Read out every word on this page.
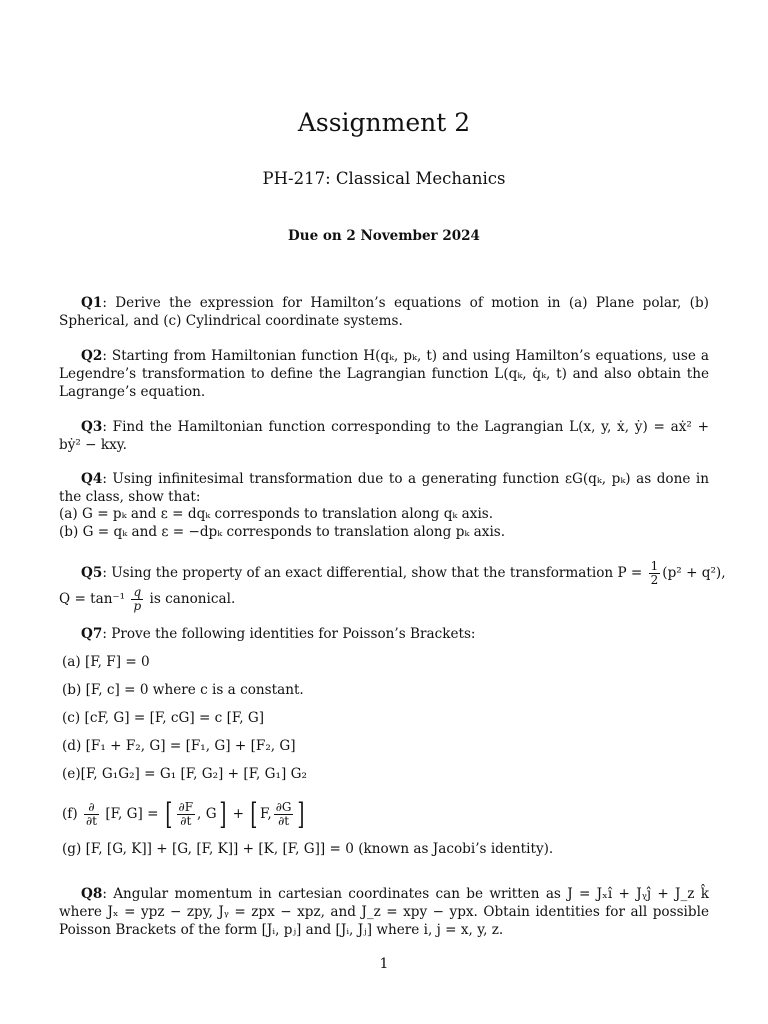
Assignment 2
PH-217: Classical Mechanics
Due on 2 November 2024
Q1: Derive the expression for Hamilton’s equations of motion in (a) Plane polar, (b) Spherical, and (c) Cylindrical coordinate systems.
Q2: Starting from Hamiltonian function H(qₖ, pₖ, t) and using Hamilton’s equations, use a Legendre’s transformation to define the Lagrangian function L(qₖ, q̇ₖ, t) and also obtain the Lagrange’s equation.
Q3: Find the Hamiltonian function corresponding to the Lagrangian L(x, y, ẋ, ẏ) = aẋ² + bẏ² − kxy.
Q4: Using infinitesimal transformation due to a generating function εG(qₖ, pₖ) as done in the class, show that:
(a) G = pₖ and ε = dqₖ corresponds to translation along qₖ axis.
(b) G = qₖ and ε = −dpₖ corresponds to translation along pₖ axis.
Q5: Using the property of an exact differential, show that the transformation $P = \frac{1}{2} (p^2 + q^2)$,
$Q = \tan^{-1} \frac{q}{p}$ is canonical.
Q7: Prove the following identities for Poisson’s Brackets:
(a) [F, F] = 0
(b) [F, c] = 0 where c is a constant.
(c) [cF, G] = [F, cG] = c [F, G]
(d) [F₁ + F₂, G] = [F₁, G] + [F₂, G]
(e)[F, G₁G₂] = G₁ [F, G₂] + [F, G₁] G₂
$(f) \frac{\partial}{\partial t} [F$, G] = [ $\frac{\partial F}{\partial t}$ , G] + [ F, $\frac{\partial G}{\partial t}$ ]
(g) [F, [G, K]] + [G, [F, K]] + [K, [F, G]] = 0 (known as Jacobi’s identity).
Q8: Angular momentum in cartesian coordinates can be written as J = Jₓî + Jᵧĵ + J_z k̂ where Jₓ = ypz − zpy, Jᵧ = zpx − xpz, and J_z = xpy − ypx. Obtain identities for all possible Poisson Brackets of the form [Jᵢ, pⱼ] and [Jᵢ, Jⱼ] where i, j = x, y, z.
1
